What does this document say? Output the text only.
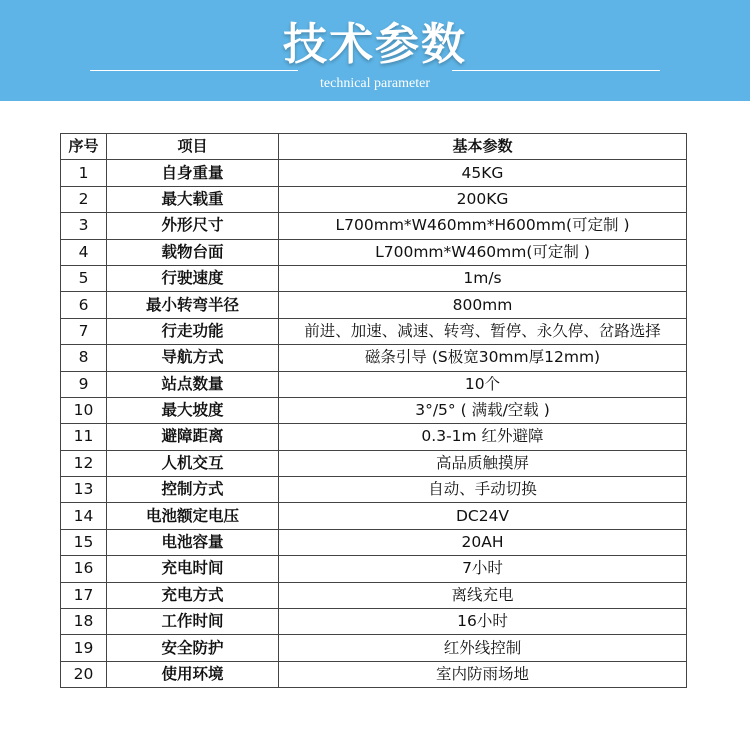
技术参数
technical parameter
序号	项目	基本参数
1	自身重量	45KG
2	最大载重	200KG
3	外形尺寸	L700mm*W460mm*H600mm(可定制 )
4	载物台面	L700mm*W460mm(可定制 )
5	行驶速度	1m/s
6	最小转弯半径	800mm
7	行走功能	前进、加速、减速、转弯、暂停、永久停、岔路选择
8	导航方式	磁条引导 (S极宽30mm厚12mm)
9	站点数量	10个
10	最大坡度	3°/5° ( 满载/空载 )
11	避障距离	0.3-1m 红外避障
12	人机交互	高品质触摸屏
13	控制方式	自动、手动切换
14	电池额定电压	DC24V
15	电池容量	20AH
16	充电时间	7小时
17	充电方式	离线充电
18	工作时间	16小时
19	安全防护	红外线控制
20	使用环境	室内防雨场地
